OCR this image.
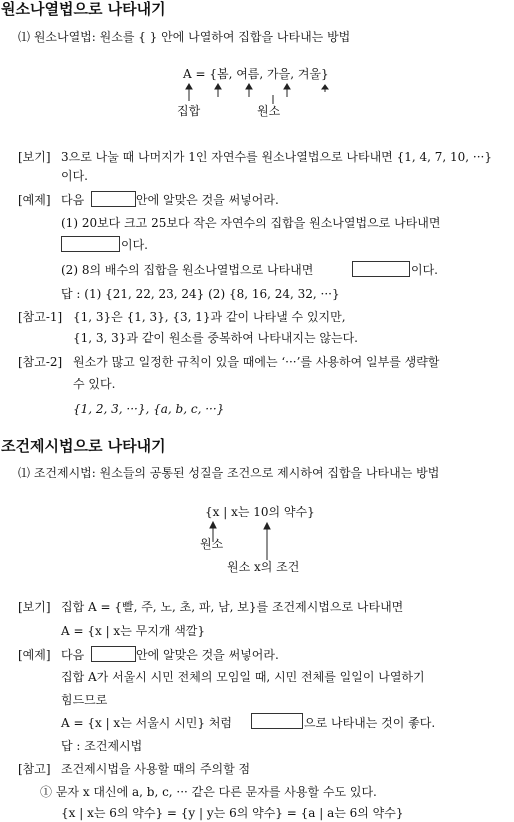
원소나열법으로 나타내기
⑴ 원소나열법: 원소를 { } 안에 나열하여 집합을 나타내는 방법
A = {봄, 여름, 가을, 겨울}
집합	원소
[보기] 3으로 나눌 때 나머지가 1인 자연수를 원소나열법으로 나타내면 {1, 4, 7, 10, ···}
이다.
[예제] 다음	안에 알맞은 것을 써넣어라.
(1) 20보다 크고 25보다 작은 자연수의 집합을 원소나열법으로 나타내면
이다.
(2) 8의 배수의 집합을 원소나열법으로 나타내면	이다.
답 : (1) {21, 22, 23, 24} (2) {8, 16, 24, 32, ···}
[참고-1] {1, 3}은 {1, 3}, {3, 1}과 같이 나타낼 수 있지만,
{1, 3, 3}과 같이 원소를 중복하여 나타내지는 않는다.
[참고-2] 원소가 많고 일정한 규칙이 있을 때에는 ‘···’를 사용하여 일부를 생략할
수 있다.
{1, 2, 3, ···}, {a, b, c, ···}
조건제시법으로 나타내기
⑴ 조건제시법: 원소들의 공통된 성질을 조건으로 제시하여 집합을 나타내는 방법
{x | x는 10의 약수}
원소
원소 x의 조건
[보기] 집합 A = {빨, 주, 노, 초, 파, 남, 보}를 조건제시법으로 나타내면
A = {x | x는 무지개 색깔}
[예제] 다음	안에 알맞은 것을 써넣어라.
집합 A가 서울시 시민 전체의 모임일 때, 시민 전체를 일일이 나열하기
힘드므로
A = {x | x는 서울시 시민} 처럼	으로 나타내는 것이 좋다.
답 : 조건제시법
[참고] 조건제시법을 사용할 때의 주의할 점
① 문자 x 대신에 a, b, c, ··· 같은 다른 문자를 사용할 수도 있다.
{x | x는 6의 약수} = {y | y는 6의 약수} = {a | a는 6의 약수}
